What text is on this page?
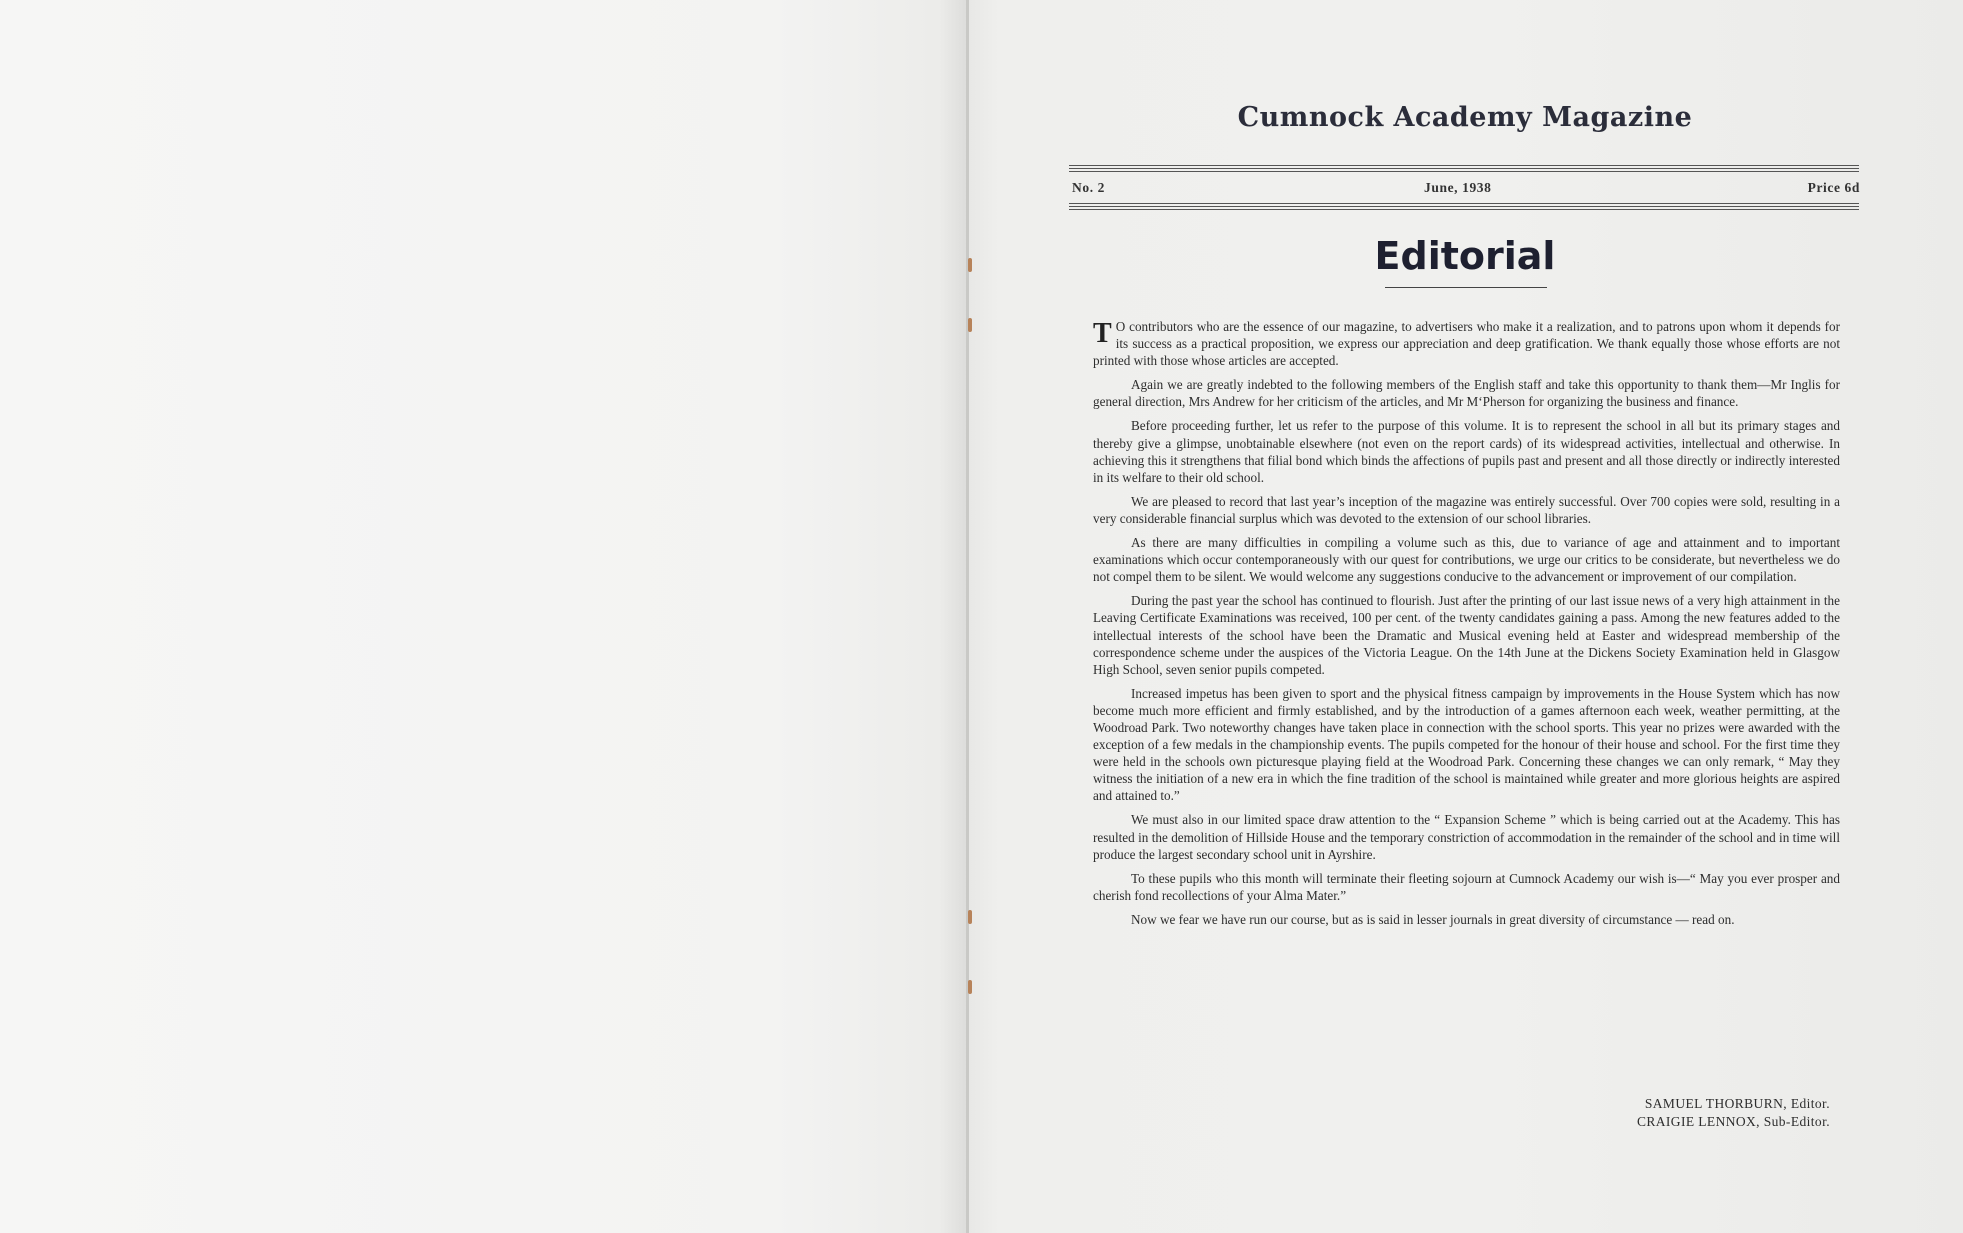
Cumnock Academy Magazine
No. 2	June, 1938	Price 6d
Editorial

T O contributors who are the essence of our magazine, to advertisers who make it a realization, and to patrons upon whom it depends for its success as a practical proposition, we express our appreciation and deep gratification. We thank equally those whose efforts are not printed with those whose articles are accepted.

Again we are greatly indebted to the following members of the English staff and take this opportunity to thank them—Mr Inglis for general direction, Mrs Andrew for her criticism of the articles, and Mr M‘Pherson for organizing the business and finance.

Before proceeding further, let us refer to the purpose of this volume. It is to represent the school in all but its primary stages and thereby give a glimpse, unobtainable elsewhere (not even on the report cards) of its widespread activities, intellectual and otherwise. In achieving this it strengthens that filial bond which binds the affections of pupils past and present and all those directly or indirectly interested in its welfare to their old school.

We are pleased to record that last year’s inception of the magazine was entirely successful. Over 700 copies were sold, resulting in a very considerable financial surplus which was devoted to the extension of our school libraries.

As there are many difficulties in compiling a volume such as this, due to variance of age and attainment and to important examinations which occur contemporaneously with our quest for contributions, we urge our critics to be considerate, but nevertheless we do not compel them to be silent. We would welcome any suggestions conducive to the advancement or improvement of our compilation.

During the past year the school has continued to flourish. Just after the printing of our last issue news of a very high attainment in the Leaving Certificate Examinations was received, 100 per cent. of the twenty candidates gaining a pass. Among the new features added to the intellectual interests of the school have been the Dramatic and Musical evening held at Easter and widespread membership of the correspondence scheme under the auspices of the Victoria League. On the 14th June at the Dickens Society Examination held in Glasgow High School, seven senior pupils competed.

Increased impetus has been given to sport and the physical fitness campaign by improvements in the House System which has now become much more efficient and firmly established, and by the introduction of a games afternoon each week, weather permitting, at the Woodroad Park. Two noteworthy changes have taken place in connection with the school sports. This year no prizes were awarded with the exception of a few medals in the championship events. The pupils competed for the honour of their house and school. For the first time they were held in the schools own picturesque playing field at the Woodroad Park. Concerning these changes we can only remark, “ May they witness the initiation of a new era in which the fine tradition of the school is maintained while greater and more glorious heights are aspired and attained to.”

We must also in our limited space draw attention to the “ Expansion Scheme ” which is being carried out at the Academy. This has resulted in the demolition of Hillside House and the temporary constriction of accommodation in the remainder of the school and in time will produce the largest secondary school unit in Ayrshire.

To these pupils who this month will terminate their fleeting sojourn at Cumnock Academy our wish is—“ May you ever prosper and cherish fond recollections of your Alma Mater.”

Now we fear we have run our course, but as is said in lesser journals in great diversity of circumstance — read on.

SAMUEL THORBURN, Editor.
CRAIGIE LENNOX, Sub-Editor.
